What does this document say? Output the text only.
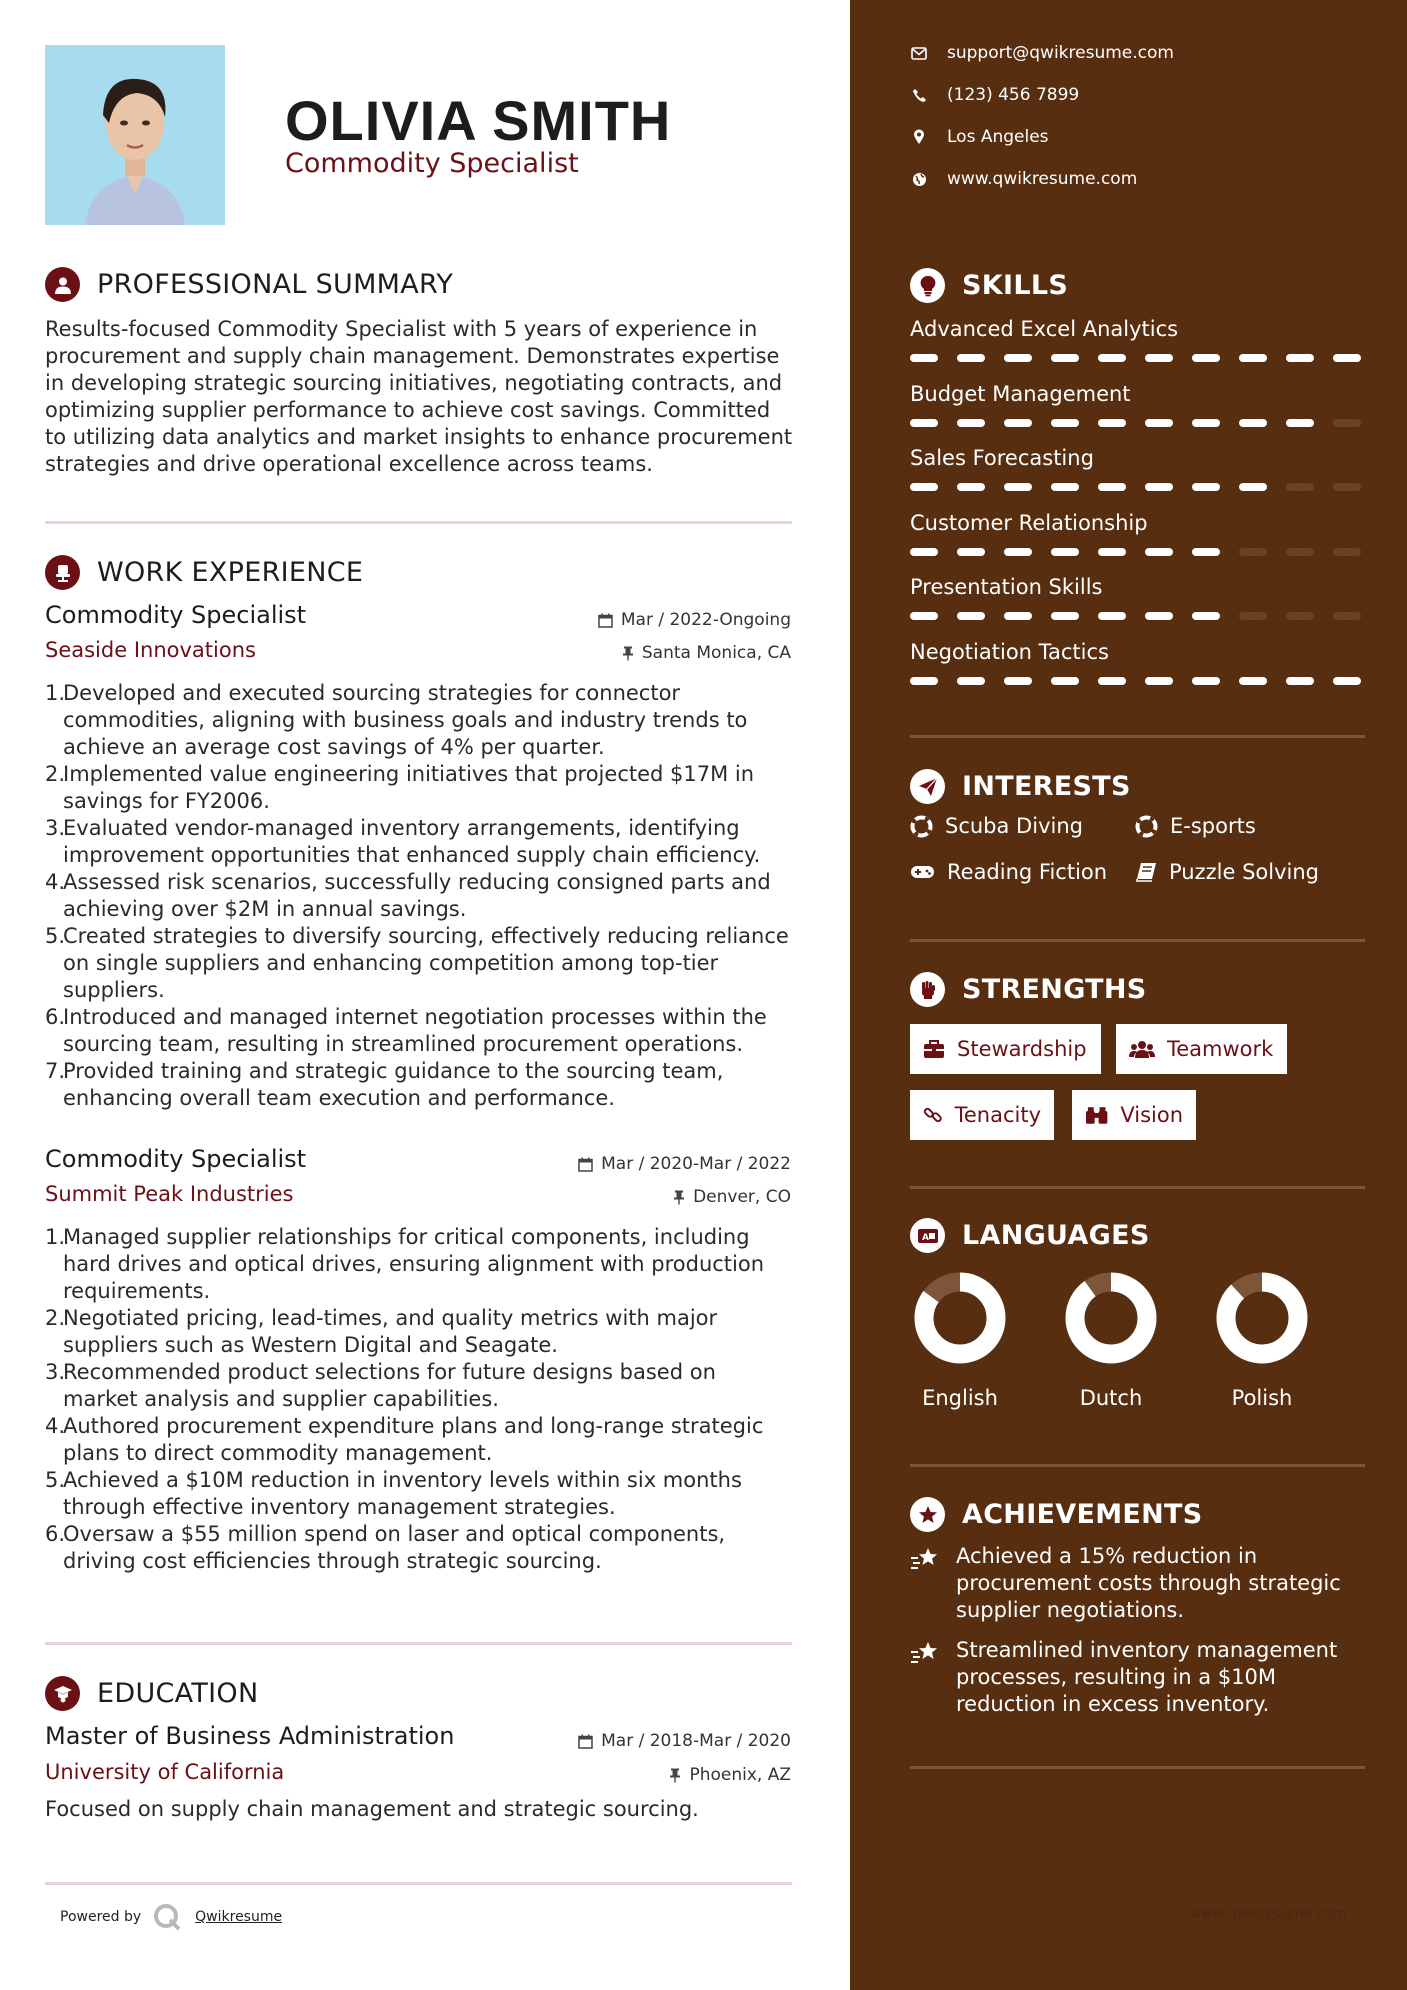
OLIVIA SMITH
Commodity Specialist
PROFESSIONAL SUMMARY
Results-focused Commodity Specialist with 5 years of experience in
procurement and supply chain management. Demonstrates expertise
in developing strategic sourcing initiatives, negotiating contracts, and
optimizing supplier performance to achieve cost savings. Committed
to utilizing data analytics and market insights to enhance procurement
strategies and drive operational excellence across teams.
WORK EXPERIENCE
Commodity Specialist	Mar / 2022-Ongoing
Seaside Innovations	Santa Monica, CA
Developed and executed sourcing strategies for connector
commodities, aligning with business goals and industry trends to
achieve an average cost savings of 4% per quarter.
Implemented value engineering initiatives that projected $17M in
savings for FY2006.
Evaluated vendor-managed inventory arrangements, identifying
improvement opportunities that enhanced supply chain efficiency.
Assessed risk scenarios, successfully reducing consigned parts and
achieving over $2M in annual savings.
Created strategies to diversify sourcing, effectively reducing reliance
on single suppliers and enhancing competition among top-tier
suppliers.
Introduced and managed internet negotiation processes within the
sourcing team, resulting in streamlined procurement operations.
Provided training and strategic guidance to the sourcing team,
enhancing overall team execution and performance.
Commodity Specialist	Mar / 2020-Mar / 2022
Summit Peak Industries	Denver, CO
Managed supplier relationships for critical components, including
hard drives and optical drives, ensuring alignment with production
requirements.
Negotiated pricing, lead-times, and quality metrics with major
suppliers such as Western Digital and Seagate.
Recommended product selections for future designs based on
market analysis and supplier capabilities.
Authored procurement expenditure plans and long-range strategic
plans to direct commodity management.
Achieved a $10M reduction in inventory levels within six months
through effective inventory management strategies.
Oversaw a $55 million spend on laser and optical components,
driving cost efficiencies through strategic sourcing.
EDUCATION
Master of Business Administration	Mar / 2018-Mar / 2020
University of California	Phoenix, AZ
Focused on supply chain management and strategic sourcing.
Powered by	Qwikresume
support@qwikresume.com
(123) 456 7899
Los Angeles
www.qwikresume.com
SKILLS
Advanced Excel Analytics
Budget Management
Sales Forecasting
Customer Relationship
Presentation Skills
Negotiation Tactics
INTERESTS
Scuba Diving	E-sports
Reading Fiction	Puzzle Solving
STRENGTHS
Stewardship	Teamwork
Tenacity	Vision
A LANGUAGES
English	Dutch	Polish
ACHIEVEMENTS
Achieved a 15% reduction in
procurement costs through strategic
supplier negotiations.
Streamlined inventory management
processes, resulting in a $10M
reduction in excess inventory.
www.qwikresume.com
